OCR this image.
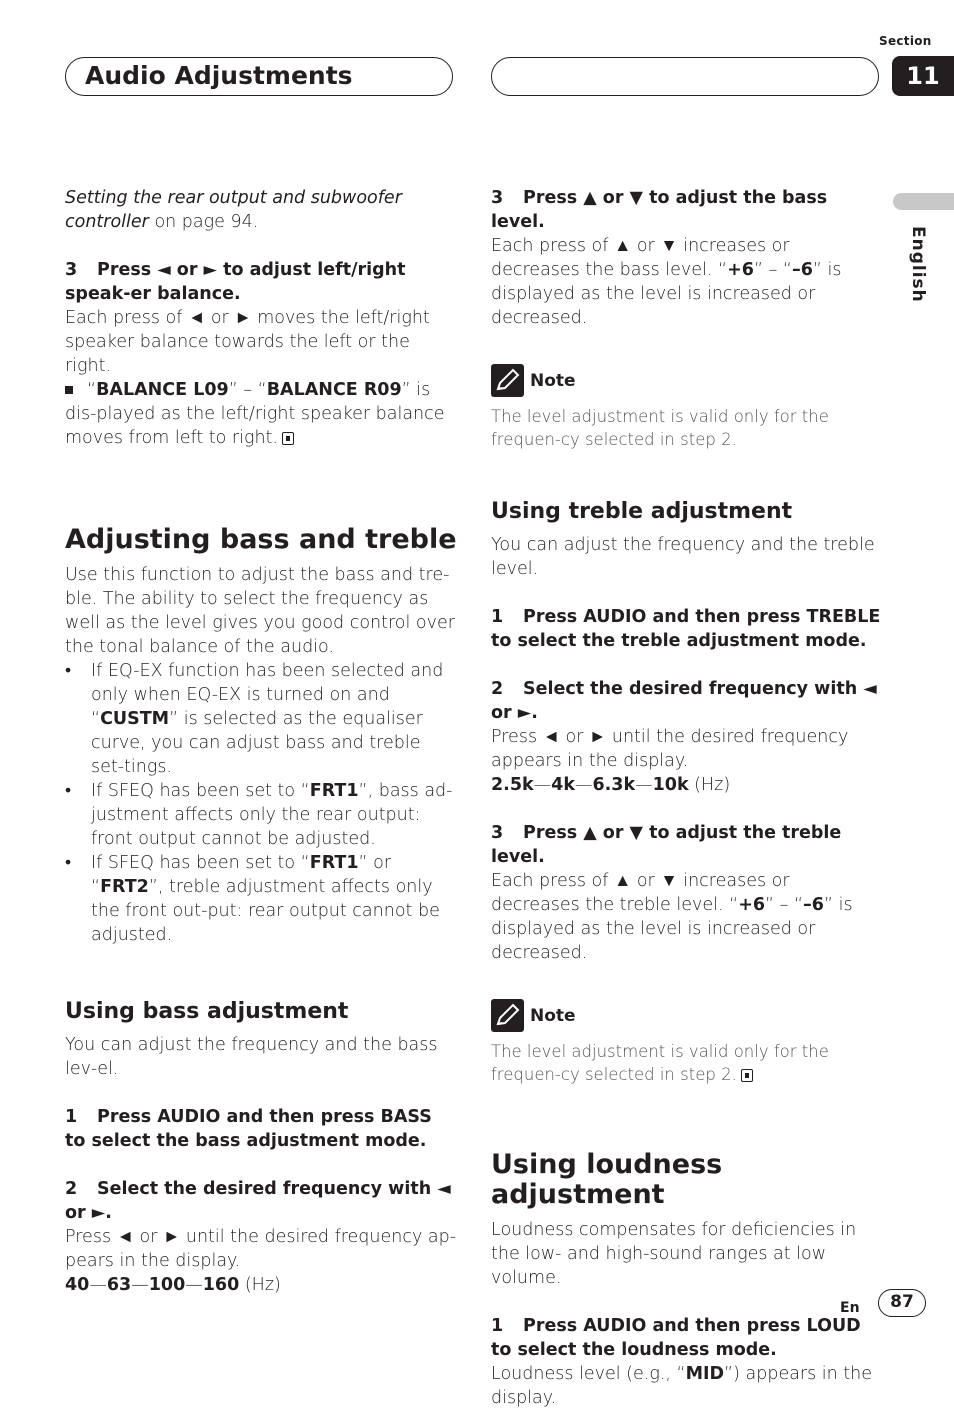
Audio Adjustments
Section
11
English

Setting the rear output and subwoofer controller on page 94.

3 Press ◄ or ► to adjust left/right speak-er balance.

Each press of ◄ or ► moves the left/right speaker balance towards the left or the right.

“BALANCE L09” – “BALANCE R09” is dis-played as the left/right speaker balance moves from left to right.

Adjusting bass and treble

Use this function to adjust the bass and tre-ble. The ability to select the frequency as well as the level gives you good control over the tonal balance of the audio.

• If EQ-EX function has been selected and only when EQ-EX is turned on and “CUSTM” is selected as the equaliser curve, you can adjust bass and treble set-tings.

• If SFEQ has been set to “FRT1”, bass ad-justment affects only the rear output: front output cannot be adjusted.

• If SFEQ has been set to “FRT1” or “FRT2”, treble adjustment affects only the front out-put: rear output cannot be adjusted.

Using bass adjustment

You can adjust the frequency and the bass lev-el.

1 Press AUDIO and then press BASS to select the bass adjustment mode.

2 Select the desired frequency with ◄ or ►.

Press ◄ or ► until the desired frequency ap-pears in the display.

40—63—100—160 (Hz)

3 Press ▲ or ▼ to adjust the bass level.

Each press of ▲ or ▼ increases or decreases the bass level. “+6” – “–6” is displayed as the level is increased or decreased.

Note

The level adjustment is valid only for the frequen-cy selected in step 2.

Using treble adjustment

You can adjust the frequency and the treble level.

1 Press AUDIO and then press TREBLE to select the treble adjustment mode.

2 Select the desired frequency with ◄ or ►.

Press ◄ or ► until the desired frequency appears in the display.

2.5k—4k—6.3k—10k (Hz)

3 Press ▲ or ▼ to adjust the treble level.

Each press of ▲ or ▼ increases or decreases the treble level. “+6” – “–6” is displayed as the level is increased or decreased.

Note

The level adjustment is valid only for the frequen-cy selected in step 2.

Using loudness adjustment

Loudness compensates for deficiencies in the low- and high-sound ranges at low volume.

1 Press AUDIO and then press LOUD to select the loudness mode.

Loudness level (e.g., “MID”) appears in the display.

En	87
